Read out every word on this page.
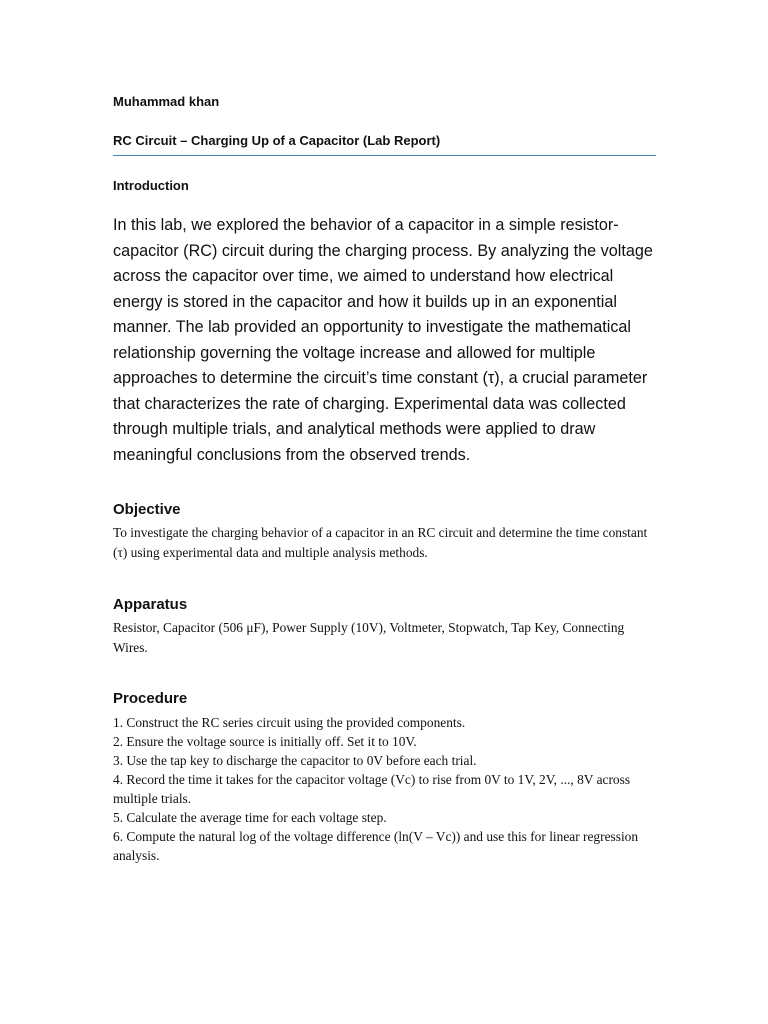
Muhammad khan
RC Circuit – Charging Up of a Capacitor (Lab Report)
Introduction

In this lab, we explored the behavior of a capacitor in a simple resistor-capacitor (RC) circuit during the charging process. By analyzing the voltage across the capacitor over time, we aimed to understand how electrical energy is stored in the capacitor and how it builds up in an exponential manner. The lab provided an opportunity to investigate the mathematical relationship governing the voltage increase and allowed for multiple approaches to determine the circuit’s time constant (τ), a crucial parameter that characterizes the rate of charging. Experimental data was collected through multiple trials, and analytical methods were applied to draw meaningful conclusions from the observed trends.

Objective

To investigate the charging behavior of a capacitor in an RC circuit and determine the time constant (τ) using experimental data and multiple analysis methods.

Apparatus

Resistor, Capacitor (506 μF), Power Supply (10V), Voltmeter, Stopwatch, Tap Key, Connecting Wires.

Procedure
1. Construct the RC series circuit using the provided components.
2. Ensure the voltage source is initially off. Set it to 10V.
3. Use the tap key to discharge the capacitor to 0V before each trial.
4. Record the time it takes for the capacitor voltage (Vc) to rise from 0V to 1V, 2V, ..., 8V across multiple trials.
5. Calculate the average time for each voltage step.
6. Compute the natural log of the voltage difference (ln(V – Vc)) and use this for linear regression analysis.
